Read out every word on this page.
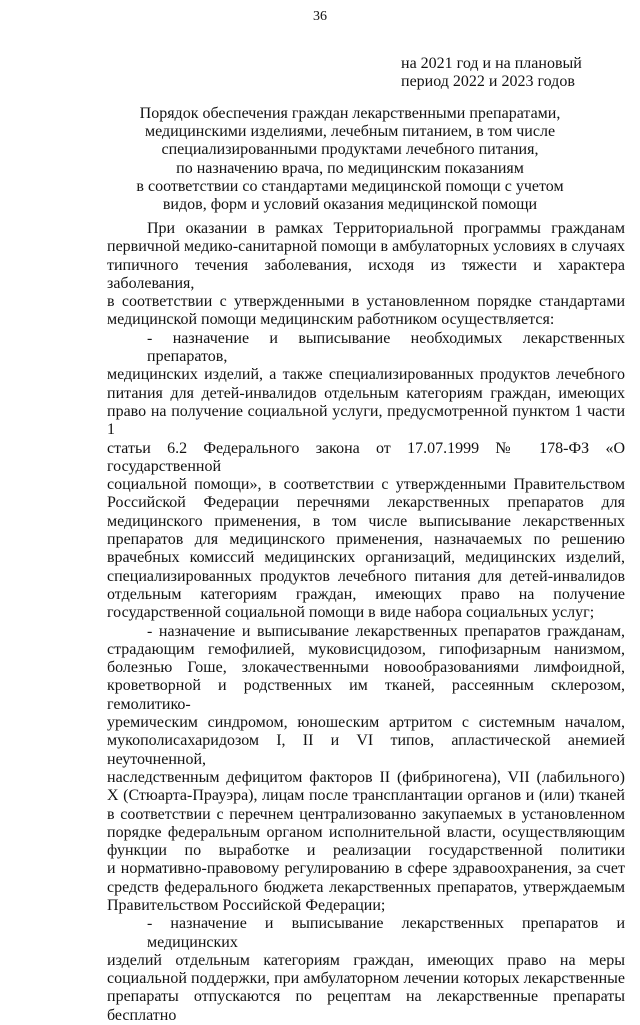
36
на 2021 год и на плановый
период 2022 и 2023 годов
Порядок обеспечения граждан лекарственными препаратами,
медицинскими изделиями, лечебным питанием, в том числе
специализированными продуктами лечебного питания,
по назначению врача, по медицинским показаниям
в соответствии со стандартами медицинской помощи с учетом
видов, форм и условий оказания медицинской помощи
При оказании в рамках Территориальной программы гражданам
первичной медико-санитарной помощи в амбулаторных условиях в случаях
типичного течения заболевания, исходя из тяжести и характера заболевания,
в соответствии с утвержденными в установленном порядке стандартами
медицинской помощи медицинским работником осуществляется:
- назначение и выписывание необходимых лекарственных препаратов,
медицинских изделий, а также специализированных продуктов лечебного
питания для детей-инвалидов отдельным категориям граждан, имеющих
право на получение социальной услуги, предусмотренной пунктом 1 части 1
статьи 6.2 Федерального закона от 17.07.1999 № 178-ФЗ «О государственной
социальной помощи», в соответствии с утвержденными Правительством
Российской Федерации перечнями лекарственных препаратов для
медицинского применения, в том числе выписывание лекарственных
препаратов для медицинского применения, назначаемых по решению
врачебных комиссий медицинских организаций, медицинских изделий,
специализированных продуктов лечебного питания для детей-инвалидов
отдельным категориям граждан, имеющих право на получение
государственной социальной помощи в виде набора социальных услуг;
- назначение и выписывание лекарственных препаратов гражданам,
страдающим гемофилией, муковисцидозом, гипофизарным нанизмом,
болезнью Гоше, злокачественными новообразованиями лимфоидной,
кроветворной и родственных им тканей, рассеянным склерозом, гемолитико-
уремическим синдромом, юношеским артритом с системным началом,
мукополисахаридозом I, II и VI типов, апластической анемией неуточненной,
наследственным дефицитом факторов II (фибриногена), VII (лабильного)
X (Стюарта-Прауэра), лицам после трансплантации органов и (или) тканей
в соответствии с перечнем централизованно закупаемых в установленном
порядке федеральным органом исполнительной власти, осуществляющим
функции по выработке и реализации государственной политики
и нормативно-правовому регулированию в сфере здравоохранения, за счет
средств федерального бюджета лекарственных препаратов, утверждаемым
Правительством Российской Федерации;
- назначение и выписывание лекарственных препаратов и медицинских
изделий отдельным категориям граждан, имеющих право на меры
социальной поддержки, при амбулаторном лечении которых лекарственные
препараты отпускаются по рецептам на лекарственные препараты бесплатно
